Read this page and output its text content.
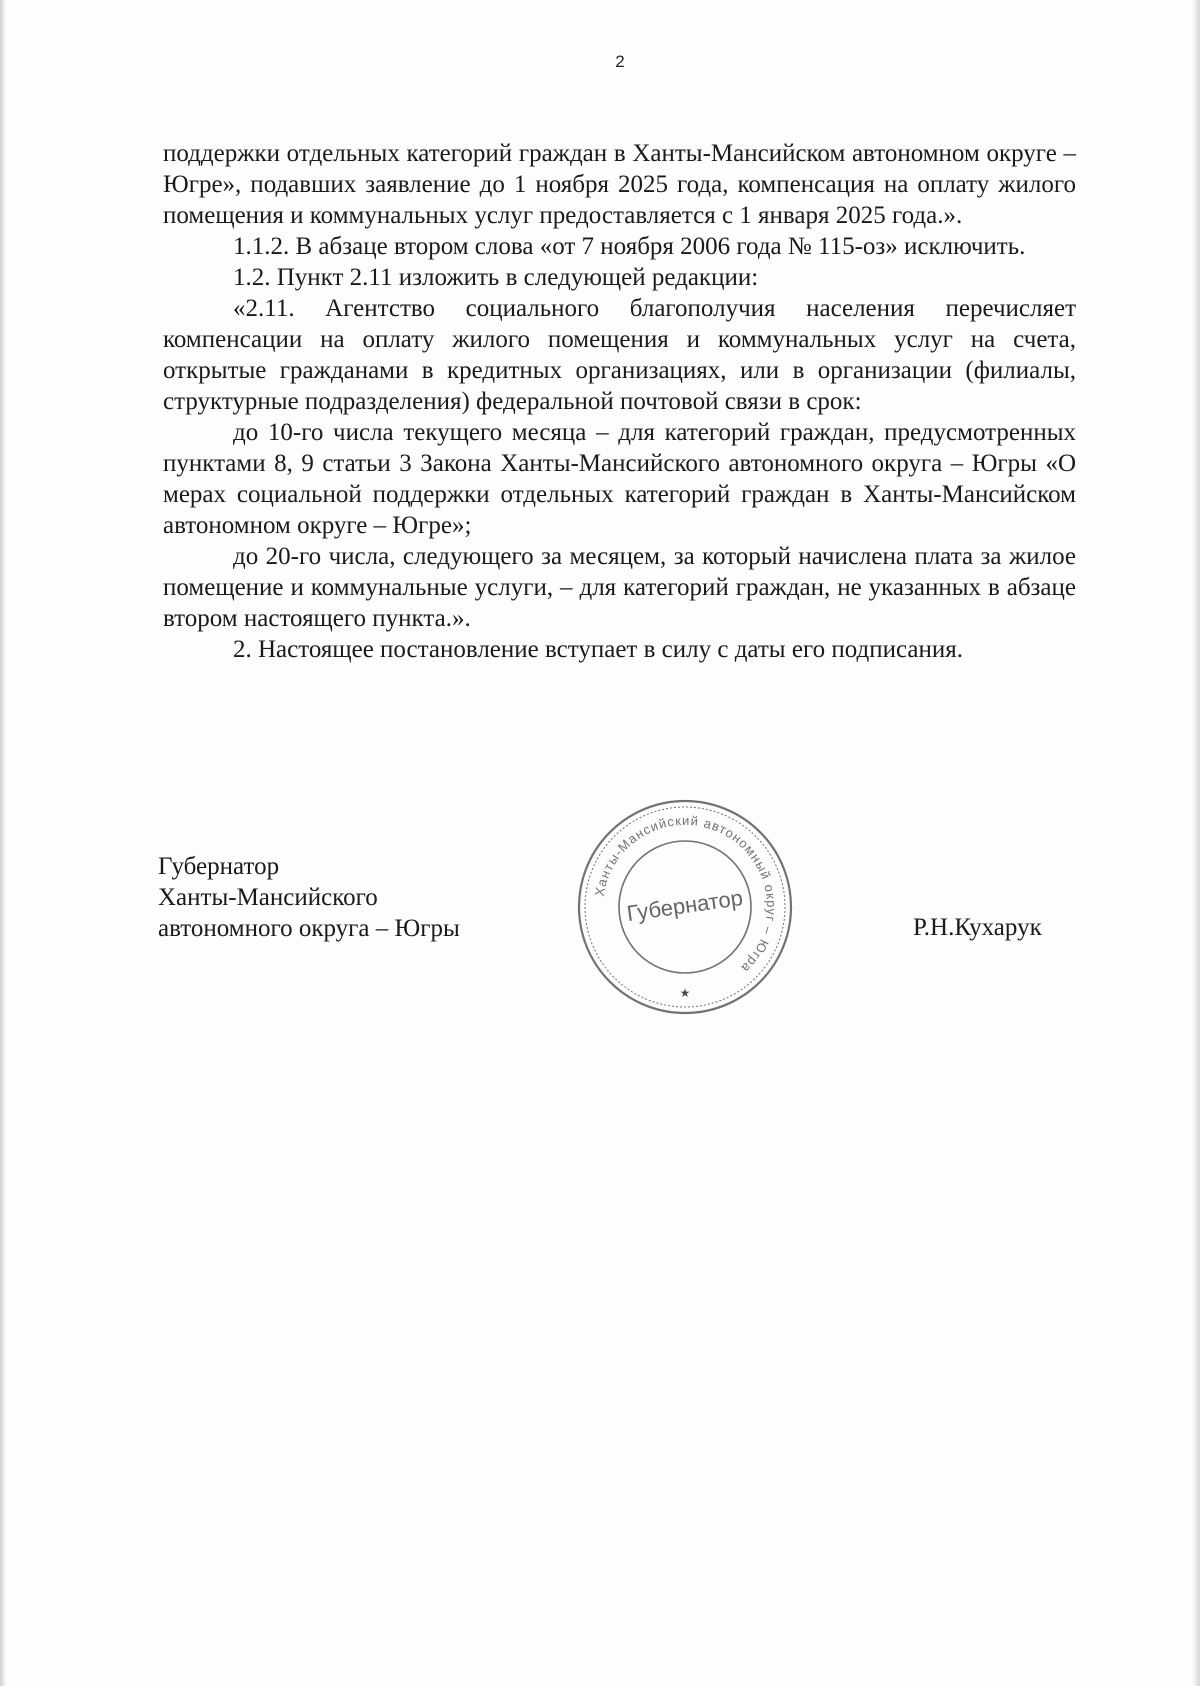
2

поддержки отдельных категорий граждан в Ханты-Мансийском автономном округе – Югре», подавших заявление до 1 ноября 2025 года, компенсация на оплату жилого помещения и коммунальных услуг предоставляется с 1 января 2025 года.».

1.1.2. В абзаце втором слова «от 7 ноября 2006 года № 115-оз» исключить.

1.2. Пункт 2.11 изложить в следующей редакции:

«2.11. Агентство социального благополучия населения перечисляет компенсации на оплату жилого помещения и коммунальных услуг на счета, открытые гражданами в кредитных организациях, или в организации (филиалы, структурные подразделения) федеральной почтовой связи в срок:

до 10-го числа текущего месяца – для категорий граждан, предусмотренных пунктами 8, 9 статьи 3 Закона Ханты-Мансийского автономного округа – Югры «О мерах социальной поддержки отдельных категорий граждан в Ханты-Мансийском автономном округе – Югре»;

до 20-го числа, следующего за месяцем, за который начислена плата за жилое помещение и коммунальные услуги, – для категорий граждан, не указанных в абзаце втором настоящего пункта.».

2. Настоящее постановление вступает в силу с даты его подписания.

Губернатор
Ханты-Мансийского
автономного округа – Югры
Ханты-Мансийский автономный округ – Югра
Губернатор
★
Р.Н.Кухарук
